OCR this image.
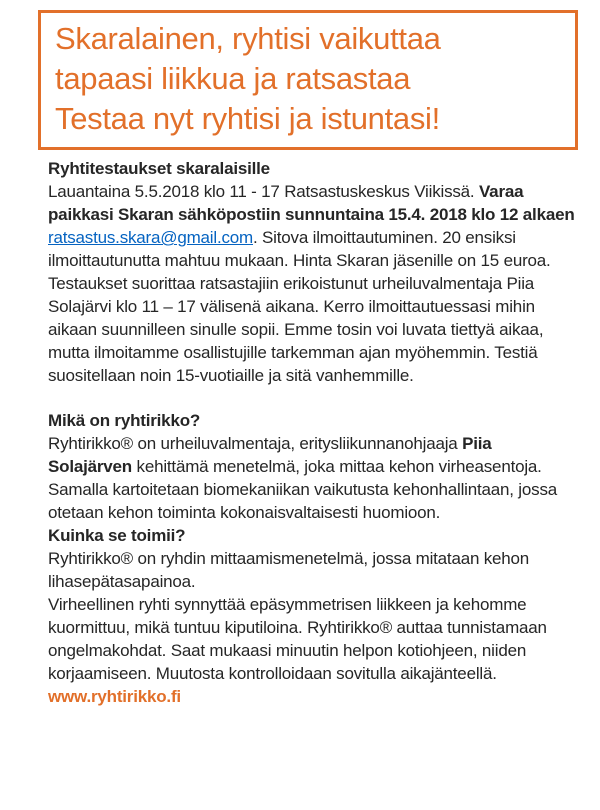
Skaralainen, ryhtisi vaikuttaa
tapaasi liikkua ja ratsastaa
Testaa nyt ryhtisi ja istuntasi!

Ryhtitestaukset skaralaisille
Lauantaina 5.5.2018 klo 11 - 17 Ratsastuskeskus Viikissä. Varaa paikkasi Skaran sähköpostiin sunnuntaina 15.4. 2018 klo 12 alkaen ratsastus.skara@gmail.com. Sitova ilmoittautuminen. 20 ensiksi ilmoittautunutta mahtuu mukaan. Hinta Skaran jäsenille on 15 euroa. Testaukset suorittaa ratsastajiin erikoistunut urheiluvalmentaja Piia Solajärvi klo 11 – 17 välisenä aikana. Kerro ilmoittautuessasi mihin aikaan suunnilleen sinulle sopii. Emme tosin voi luvata tiettyä aikaa, mutta ilmoitamme osallistujille tarkemman ajan myöhemmin. Testiä suositellaan noin 15-vuotiaille ja sitä vanhemmille.

Mikä on ryhtirikko?

Ryhtirikko® on urheiluvalmentaja, eritysliikunnanohjaaja Piia Solajärven kehittämä menetelmä, joka mittaa kehon virheasentoja. Samalla kartoitetaan biomekaniikan vaikutusta kehonhallintaan, jossa otetaan kehon toiminta kokonaisvaltaisesti huomioon.

Kuinka se toimii?

Ryhtirikko® on ryhdin mittaamismenetelmä, jossa mitataan kehon lihasepätasapainoa.

Virheellinen ryhti synnyttää epäsymmetrisen liikkeen ja kehomme kuormittuu, mikä tuntuu kiputiloina. Ryhtirikko® auttaa tunnistamaan ongelmakohdat. Saat mukaasi minuutin helpon kotiohjeen, niiden korjaamiseen. Muutosta kontrolloidaan sovitulla aikajänteellä.

www.ryhtirikko.fi
